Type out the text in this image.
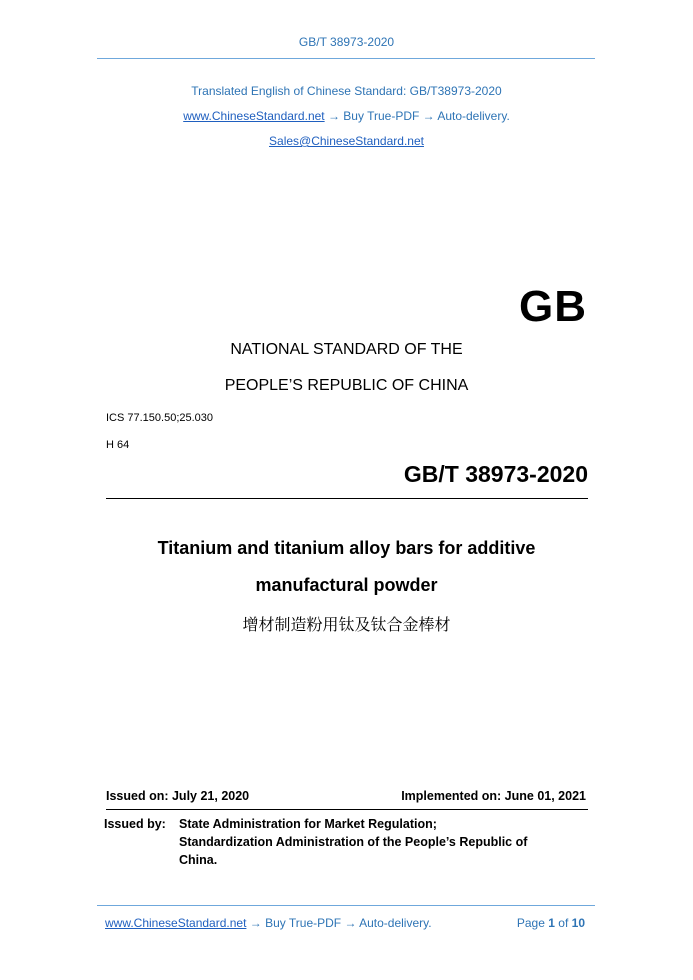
GB/T 38973-2020
Translated English of Chinese Standard: GB/T38973-2020
www.ChineseStandard.net → Buy True-PDF → Auto-delivery.
Sales@ChineseStandard.net
GB
NATIONAL STANDARD OF THE
PEOPLE’S REPUBLIC OF CHINA
ICS 77.150.50;25.030
H 64
GB/T 38973-2020
Titanium and titanium alloy bars for additive
manufactural powder
增材制造粉用钛及钛合金棒材
Issued on: July 21, 2020	Implemented on: June 01, 2021
Issued by: State Administration for Market Regulation;
Standardization Administration of the People’s Republic of
China.
www.ChineseStandard.net → Buy True-PDF → Auto-delivery.	Page 1 of 10
